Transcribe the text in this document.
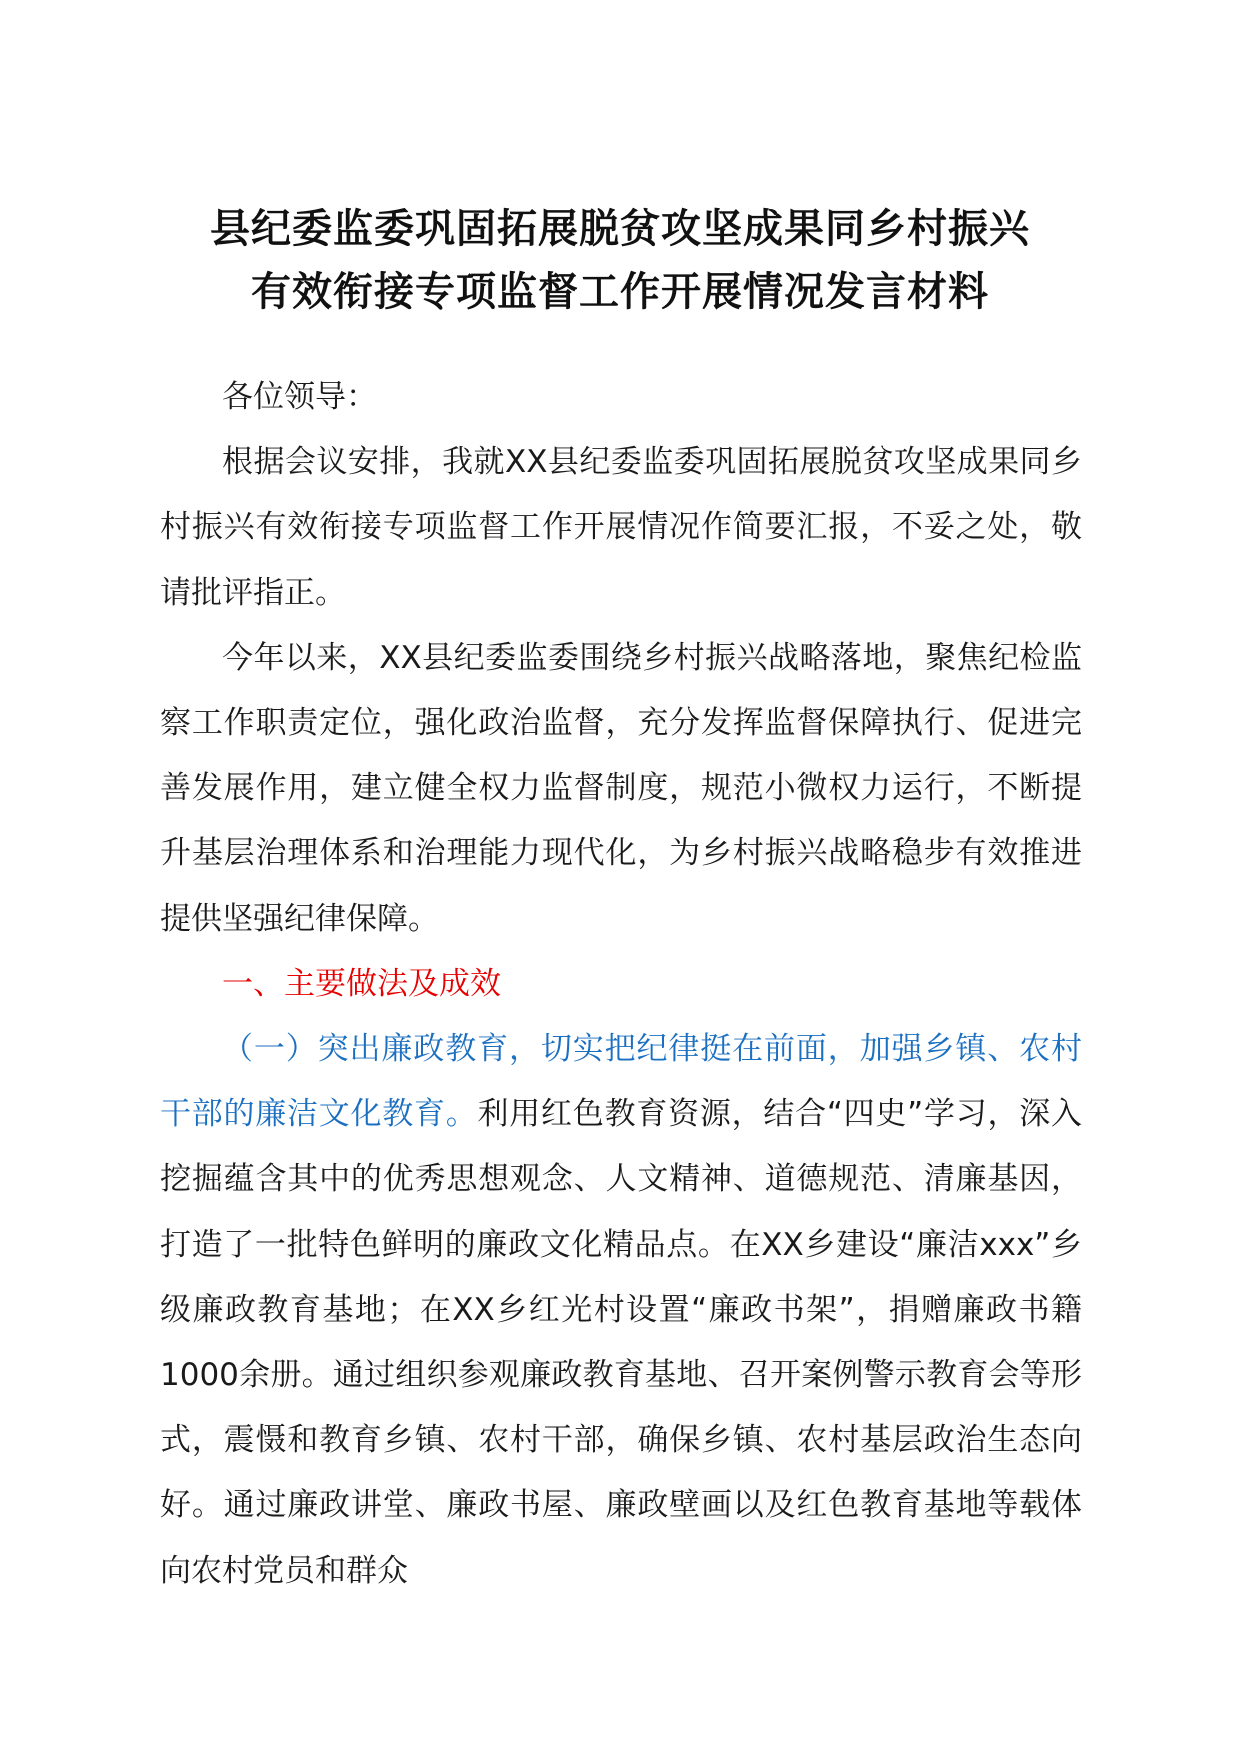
县纪委监委巩固拓展脱贫攻坚成果同乡村振兴
有效衔接专项监督工作开展情况发言材料

各位领导：

根据会议安排，我就XX县纪委监委巩固拓展脱贫攻坚成果同乡村振兴有效衔接专项监督工作开展情况作简要汇报，不妥之处，敬请批评指正。

今年以来，XX县纪委监委围绕乡村振兴战略落地，聚焦纪检监察工作职责定位，强化政治监督，充分发挥监督保障执行、促进完善发展作用，建立健全权力监督制度，规范小微权力运行，不断提升基层治理体系和治理能力现代化，为乡村振兴战略稳步有效推进提供坚强纪律保障。

一、主要做法及成效

（一）突出廉政教育，切实把纪律挺在前面，加强乡镇、农村干部的廉洁文化教育。利用红色教育资源，结合“四史”学习，深入挖掘蕴含其中的优秀思想观念、人文精神、道德规范、清廉基因，打造了一批特色鲜明的廉政文化精品点。在XX乡建设“廉洁xxx”乡级廉政教育基地；在XX乡红光村设置“廉政书架”，捐赠廉政书籍1000余册。通过组织参观廉政教育基地、召开案例警示教育会等形式，震慑和教育乡镇、农村干部，确保乡镇、农村基层政治生态向好。通过廉政讲堂、廉政书屋、廉政壁画以及红色教育基地等载体向农村党员和群众
